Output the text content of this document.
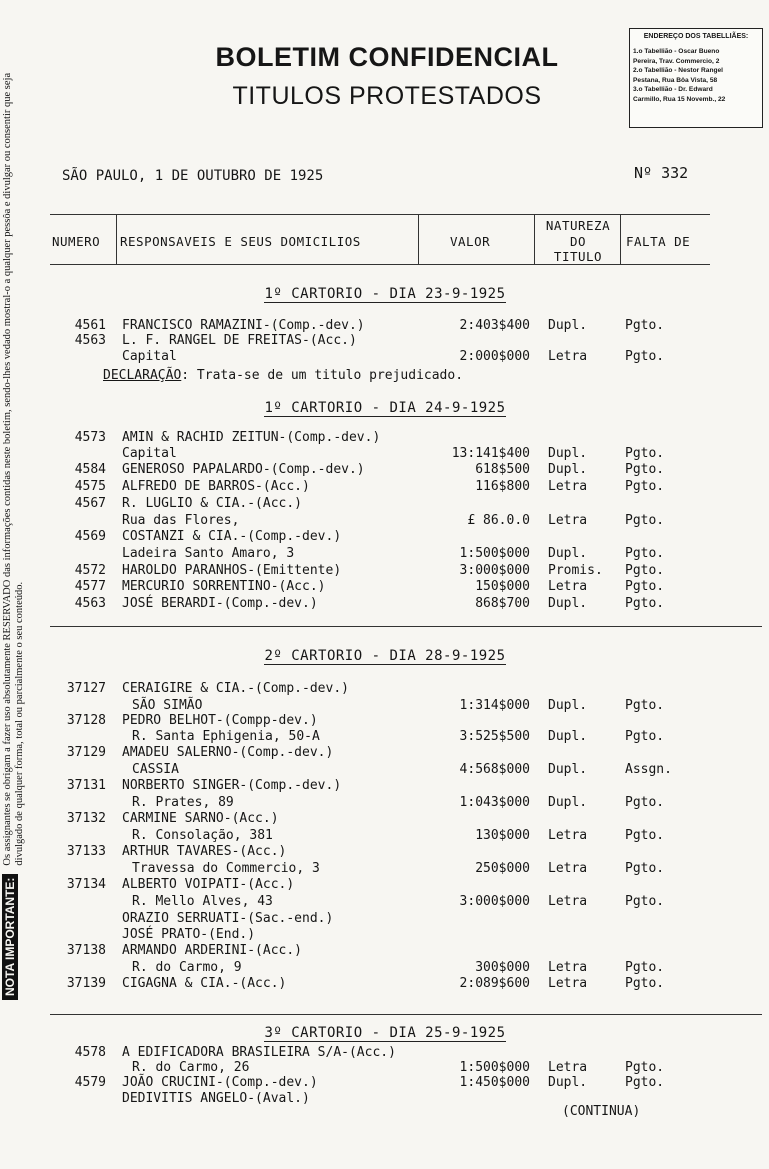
BOLETIM CONFIDENCIAL
TITULOS PROTESTADOS
ENDEREÇO DOS TABELLIÃES:
1.o Tabellião - Oscar Bueno
Pereira, Trav. Commercio, 2
2.o Tabellião - Nestor Rangel
Pestana, Rua Bôa Vista, 58
3.o Tabellião - Dr. Edward
Carmillo, Rua 15 Novemb., 22
NOTA IMPORTANTE:Os assignantes se obrigam a fazer uso absolutamente RESERVADO das informações contidas neste boletim, sendo-lhes vedado mostral-o a qualquer pessôa e divulgar ou consentir que seja divulgado de qualquer forma, total ou parcialmente o seu conteúdo.
SÃO PAULO, 1 DE OUTUBRO DE 1925	Nº 332
NUMERO RESPONSAVEIS E SEUS DOMICILIOS	VALOR
NATUREZA
DO
TITULO
FALTA DE
1º CARTORIO - DIA 23-9-1925
1º CARTORIO - DIA 24-9-1925
2º CARTORIO - DIA 28-9-1925
3º CARTORIO - DIA 25-9-1925
DECLARAÇÃO: Trata-se de um titulo prejudicado.
4561 FRANCISCO RAMAZINI-(Comp.-dev.)	2:403$400 Dupl.	Pgto.
4563 L. F. RANGEL DE FREITAS-(Acc.)
Capital	2:000$000 Letra	Pgto.
4573 AMIN & RACHID ZEITUN-(Comp.-dev.)
Capital	13:141$400 Dupl.	Pgto.
4584 GENEROSO PAPALARDO-(Comp.-dev.)	618$500 Dupl.	Pgto.
4575 ALFREDO DE BARROS-(Acc.)	116$800 Letra	Pgto.
4567 R. LUGLIO & CIA.-(Acc.)
Rua das Flores,	£ 86.0.0 Letra	Pgto.
4569 COSTANZI & CIA.-(Comp.-dev.)
Ladeira Santo Amaro, 3	1:500$000 Dupl.	Pgto.
4572 HAROLDO PARANHOS-(Emittente)	3:000$000 Promis. Pgto.
4577 MERCURIO SORRENTINO-(Acc.)	150$000 Letra	Pgto.
4563 JOSÉ BERARDI-(Comp.-dev.)	868$700 Dupl.	Pgto.
37127 CERAIGIRE & CIA.-(Comp.-dev.)
SÃO SIMÃO	1:314$000 Dupl.	Pgto.
37128 PEDRO BELHOT-(Compp-dev.)
R. Santa Ephigenia, 50-A	3:525$500 Dupl.	Pgto.
37129 AMADEU SALERNO-(Comp.-dev.)
CASSIA	4:568$000 Dupl.	Assgn.
37131 NORBERTO SINGER-(Comp.-dev.)
R. Prates, 89	1:043$000 Dupl.	Pgto.
37132 CARMINE SARNO-(Acc.)
R. Consolação, 381	130$000 Letra	Pgto.
37133 ARTHUR TAVARES-(Acc.)
Travessa do Commercio, 3	250$000 Letra	Pgto.
37134 ALBERTO VOIPATI-(Acc.)
R. Mello Alves, 43	3:000$000 Letra	Pgto.
ORAZIO SERRUATI-(Sac.-end.)
JOSÉ PRATO-(End.)
37138 ARMANDO ARDERINI-(Acc.)
R. do Carmo, 9	300$000 Letra	Pgto.
37139 CIGAGNA & CIA.-(Acc.)	2:089$600 Letra	Pgto.
4578 A EDIFICADORA BRASILEIRA S/A-(Acc.)
R. do Carmo, 26	1:500$000 Letra	Pgto.
4579 JOÃO CRUCINI-(Comp.-dev.)	1:450$000 Dupl.	Pgto.
DEDIVITIS ANGELO-(Aval.)
(CONTINUA)
